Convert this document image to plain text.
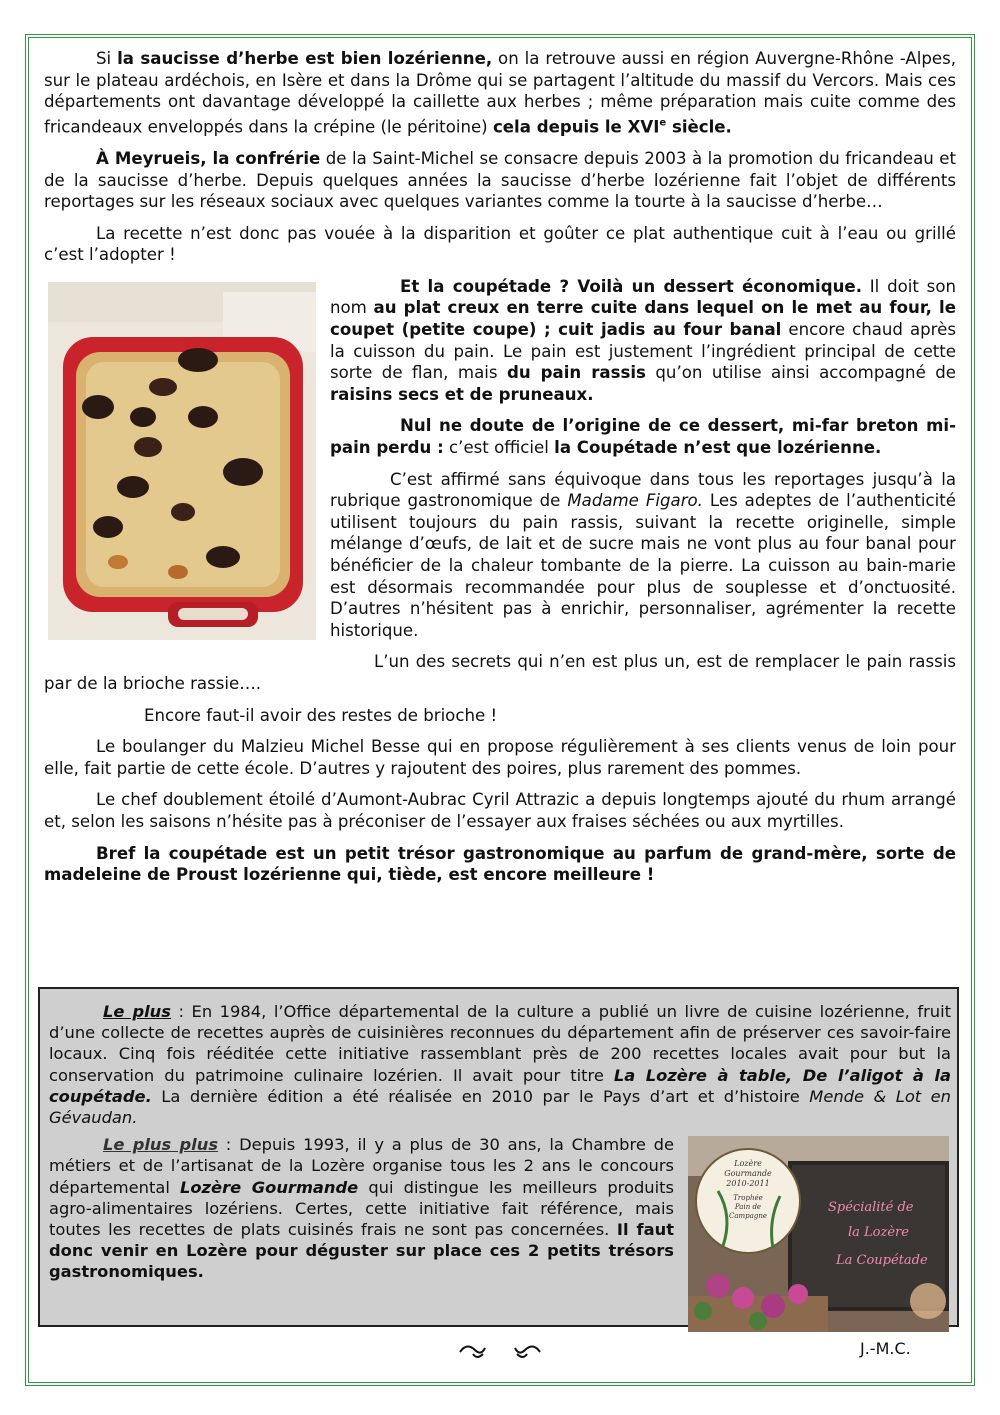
Si la saucisse d’herbe est bien lozérienne, on la retrouve aussi en région Auvergne-Rhône -Alpes, sur le plateau ardéchois, en Isère et dans la Drôme qui se partagent l’altitude du massif du Vercors. Mais ces départements ont davantage développé la caillette aux herbes ; même préparation mais cuite comme des fricandeaux enveloppés dans la crépine (le péritoine) cela depuis le XVIe siècle.

À Meyrueis, la confrérie de la Saint-Michel se consacre depuis 2003 à la promotion du fricandeau et de la saucisse d’herbe. Depuis quelques années la saucisse d’herbe lozérienne fait l’objet de différents reportages sur les réseaux sociaux avec quelques variantes comme la tourte à la saucisse d’herbe…

La recette n’est donc pas vouée à la disparition et goûter ce plat authentique cuit à l’eau ou grillé c’est l’adopter !

Et la coupétade ? Voilà un dessert économique. Il doit son nom au plat creux en terre cuite dans lequel on le met au four, le coupet (petite coupe) ; cuit jadis au four banal encore chaud après la cuisson du pain. Le pain est justement l’ingrédient principal de cette sorte de flan, mais du pain rassis qu’on utilise ainsi accompagné de raisins secs et de pruneaux.

Nul ne doute de l’origine de ce dessert, mi-far breton mi-pain perdu : c’est officiel la Coupétade n’est que lozérienne.

C’est affirmé sans équivoque dans tous les reportages jusqu’à la rubrique gastronomique de Madame Figaro. Les adeptes de l’authenticité utilisent toujours du pain rassis, suivant la recette originelle, simple mélange d’œufs, de lait et de sucre mais ne vont plus au four banal pour bénéficier de la chaleur tombante de la pierre. La cuisson au bain-marie est désormais recommandée pour plus de souplesse et d’onctuosité. D’autres n’hésitent pas à enrichir, personnaliser, agrémenter la recette historique.

L’un des secrets qui n’en est plus un, est de remplacer le pain rassis par de la brioche rassie….

Encore faut-il avoir des restes de brioche !

Le boulanger du Malzieu Michel Besse qui en propose régulièrement à ses clients venus de loin pour elle, fait partie de cette école. D’autres y rajoutent des poires, plus rarement des pommes.

Le chef doublement étoilé d’Aumont-Aubrac Cyril Attrazic a depuis longtemps ajouté du rhum arrangé et, selon les saisons n’hésite pas à préconiser de l’essayer aux fraises séchées ou aux myrtilles.

Bref la coupétade est un petit trésor gastronomique au parfum de grand-mère, sorte de madeleine de Proust lozérienne qui, tiède, est encore meilleure !

Le plus : En 1984, l’Office départemental de la culture a publié un livre de cuisine lozérienne, fruit d’une collecte de recettes auprès de cuisinières reconnues du département afin de préserver ces savoir-faire locaux. Cinq fois rééditée cette initiative rassemblant près de 200 recettes locales avait pour but la conservation du patrimoine culinaire lozérien. Il avait pour titre La Lozère à table, De l’aligot à la coupétade. La dernière édition a été réalisée en 2010 par le Pays d’art et d’histoire Mende & Lot en Gévaudan.

Spécialité de
la Lozère
La Coupétade
Lozère
Gourmande
2010-2011
Trophée
Pain de
Campagne

Le plus plus : Depuis 1993, il y a plus de 30 ans, la Chambre de métiers et de l’artisanat de la Lozère organise tous les 2 ans le concours départemental Lozère Gourmande qui distingue les meilleurs produits agro-alimentaires lozériens. Certes, cette initiative fait référence, mais toutes les recettes de plats cuisinés frais ne sont pas concernées. Il faut donc venir en Lozère pour déguster sur place ces 2 petits trésors gastronomiques.

J.-M.C.
